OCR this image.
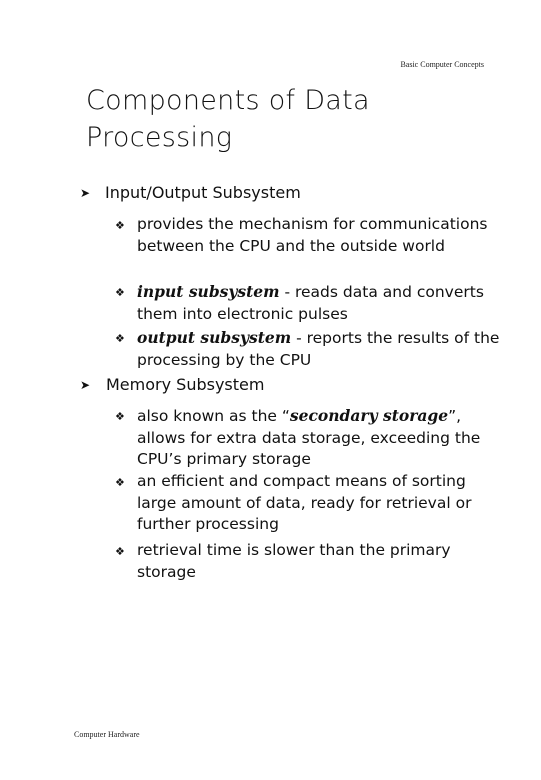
Basic Computer Concepts
Components of Data Processing
➤ Input/Output Subsystem
❖ provides the mechanism for communications between the CPU and the outside world
❖ input subsystem - reads data and converts them into electronic pulses
❖ output subsystem - reports the results of the processing by the CPU
➤ Memory Subsystem
❖ also known as the “secondary storage”, allows for extra data storage, exceeding the CPU’s primary storage
❖ an efficient and compact means of sorting large amount of data, ready for retrieval or further processing
❖ retrieval time is slower than the primary storage
Computer Hardware
